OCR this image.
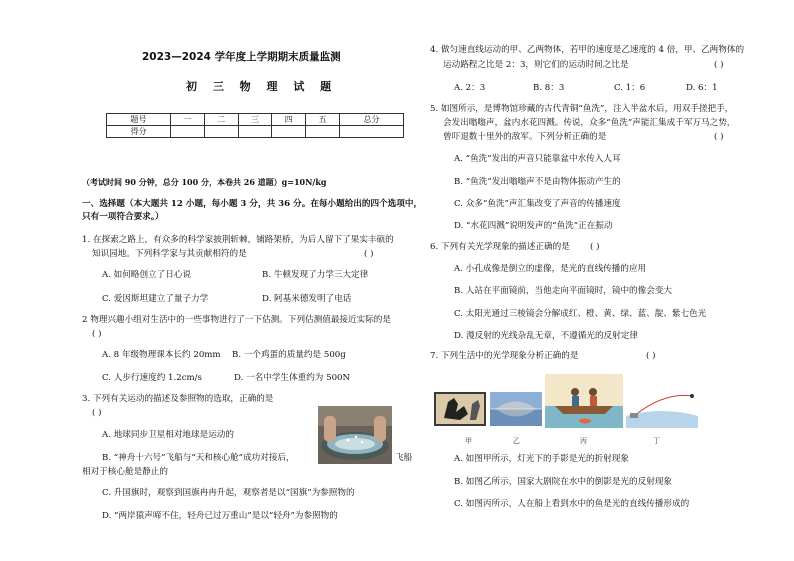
2023—2024 学年度上学期期末质量监测
初 三 物 理 试 题
题号	一	二	三	四	五	总分
得分						
（考试时间 90 分钟，总分 100 分，本卷共 26 道题）g=10N/kg
一、选择题（本大题共 12 小题，每小题 3 分，共 36 分。在每小题给出的四个选项中，
只有一项符合要求。）
1. 在探索之路上，有众多的科学家披荆斩棘，铺路架桥，为后人留下了果实丰硕的
知识园地。下列科学家与其贡献相符的是	( )
A. 如何略创立了日心说	B. 牛顿发现了力学三大定律
C. 爱因斯坦建立了量子力学	D. 阿基米德发明了电话
2 物理兴趣小组对生活中的一些事物进行了一下估测。下列估测值最接近实际的是
( )
A. 8 年级物理课本长约 20mm B. 一个鸡蛋的质量约是 500g
C. 人步行速度约 1.2cm/s	D. 一名中学生体重约为 500N
3. 下列有关运动的描述及参照物的选取，正确的是
( )
A. 地球同步卫星相对地球是运动的
B. “神舟十六号”飞船与“天和核心舱”成功对接后，	飞船
相对于核心舱是静止的
C. 升国旗时，观察到国旗冉冉升起，观察者是以“国旗”为参照物的
D. “两岸猿声啼不住，轻舟已过万重山”是以“轻舟”为参照物的
4. 做匀速直线运动的甲、乙两物体，若甲的速度是乙速度的 4 倍，甲、乙两物体的
运动路程之比是 2：3，则它们的运动时间之比是	( )
A. 2：3	B. 8：3	C. 1：6	D. 6：1
5. 如图所示，是博物馆珍藏的古代青铜“鱼洗”，注入半盆水后，用双手搓把手，
会发出嗡嗡声，盆内水花四溅。传说，众多“鱼洗”声能汇集成千军万马之势，
曾吓退数十里外的敌军。下列分析正确的是	( )
A. “鱼洗”发出的声音只能靠盆中水传入人耳
B. “鱼洗”发出嗡嗡声不是由物体振动产生的
C. 众多“鱼洗”声汇集改变了声音的传播速度
D. “水花四溅”说明发声的“鱼洗”正在振动
6. 下列有关光学现象的描述正确的是 ( )
A. 小孔成像是倒立的虚像，是光的直线传播的应用
B. 人站在平面镜前，当他走向平面镜时，镜中的像会变大
C. 太阳光通过三棱镜会分解成红、橙、黄、绿、蓝、靛、紫七色光
D. 漫反射的光线杂乱无章，不遵循光的反射定律
7. 下列生活中的光学现象分析正确的是	( )
甲	乙	丙	丁
A. 如图甲所示，灯光下的手影是光的折射现象
B. 如图乙所示，国家大剧院在水中的倒影是光的反射现象
C. 如图丙所示，人在船上看到水中的鱼是光的直线传播形成的
